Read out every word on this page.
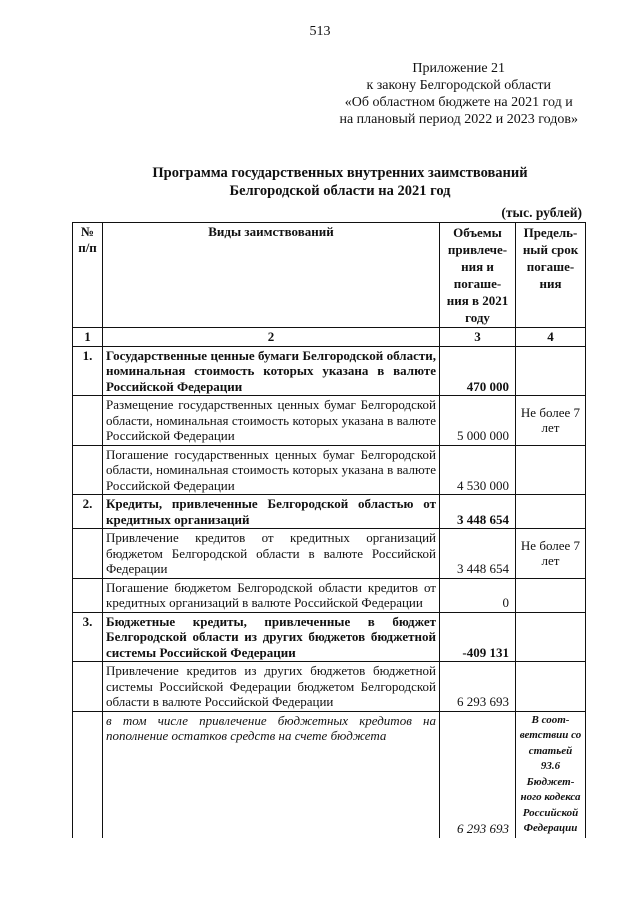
513
Приложение 21
к закону Белгородской области
«Об областном бюджете на 2021 год и
на плановый период 2022 и 2023 годов»
Программа государственных внутренних заимствований
Белгородской области на 2021 год
(тыс. рублей)
№ п/п	Виды заимствований	Объемы привлече-ния и погаше-ния в 2021 году	Предель-ный срок погаше-ния
1	2	3	4
1.	Государственные ценные бумаги Белгородской области, номинальная стоимость которых указана в валюте Российской Федерации	470 000	
	Размещение государственных ценных бумаг Белгородской области, номинальная стоимость которых указана в валюте Российской Федерации	5 000 000	Не более 7 лет
	Погашение государственных ценных бумаг Белгородской области, номинальная стоимость которых указана в валюте Российской Федерации	4 530 000	
2.	Кредиты, привлеченные Белгородской областью от кредитных организаций	3 448 654	
	Привлечение кредитов от кредитных организаций бюджетом Белгородской области в валюте Российской Федерации	3 448 654	Не более 7 лет
	Погашение бюджетом Белгородской области кредитов от кредитных организаций в валюте Российской Федерации	0	
3.	Бюджетные кредиты, привлеченные в бюджет Белгородской области из других бюджетов бюджетной системы Российской Федерации	-409 131	
	Привлечение кредитов из других бюджетов бюджетной системы Российской Федерации бюджетом Белгородской области в валюте Российской Федерации	6 293 693	
	в том числе привлечение бюджетных кредитов на пополнение остатков средств на счете бюджета	6 293 693	В соот-ветствии со статьей 93.6 Бюджет-ного кодекса Российской Федерации
